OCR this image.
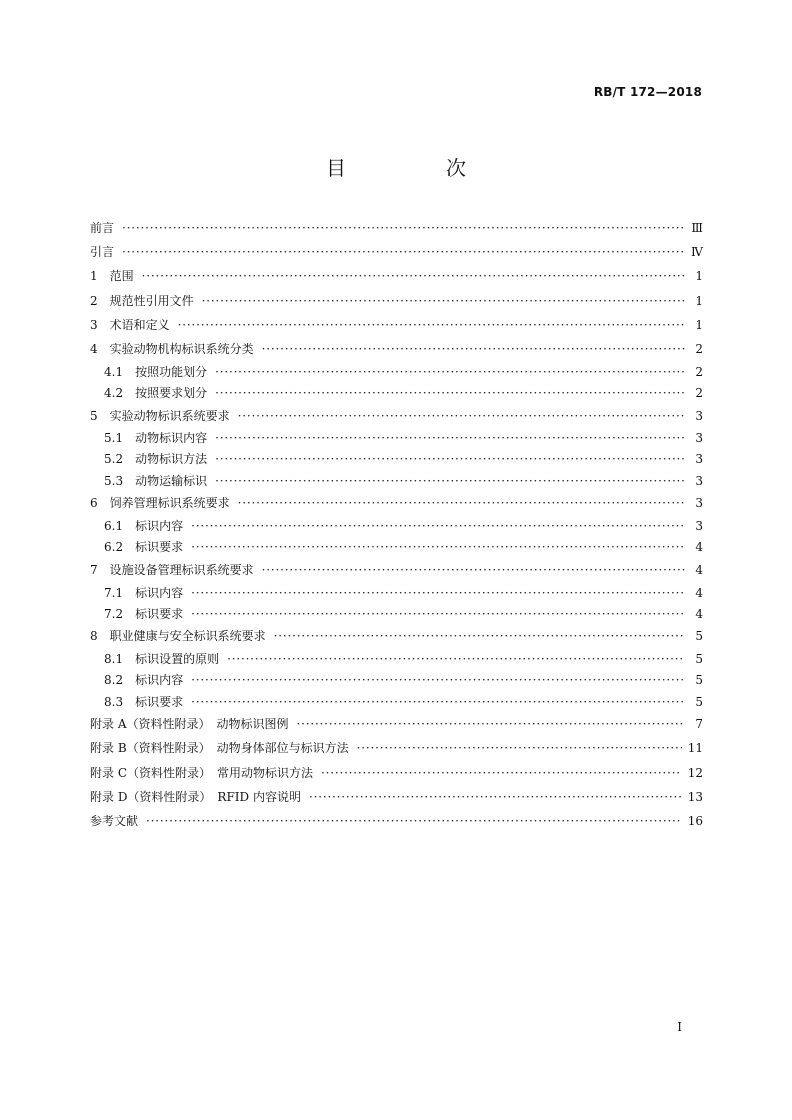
RB/T 172—2018
目　次
前言 ·····	Ⅲ
引言 ·····	Ⅳ
1 范围 ·····	1
2 规范性引用文件 ·····	1
3 术语和定义 ·····	1
4 实验动物机构标识系统分类 ·····	2
4.1 按照功能划分 ·····	2
4.2 按照要求划分 ·····	2
5 实验动物标识系统要求 ·····	3
5.1 动物标识内容 ·····	3
5.2 动物标识方法 ·····	3
5.3 动物运输标识 ·····	3
6 饲养管理标识系统要求 ·····	3
6.1 标识内容 ·····	3
6.2 标识要求 ·····	4
7 设施设备管理标识系统要求 ·····	4
7.1 标识内容 ·····	4
7.2 标识要求 ·····	4
8 职业健康与安全标识系统要求 ·····	5
8.1 标识设置的原则 ·····	5
8.2 标识内容 ·····	5
8.3 标识要求 ·····	5
附录 A（资料性附录）　动物标识图例 ·····	7
附录 B（资料性附录）　动物身体部位与标识方法 ·····	11
附录 C（资料性附录）　常用动物标识方法 ·····	12
附录 D（资料性附录）　RFID 内容说明 ·····	13
参考文献 ·····	16
I
